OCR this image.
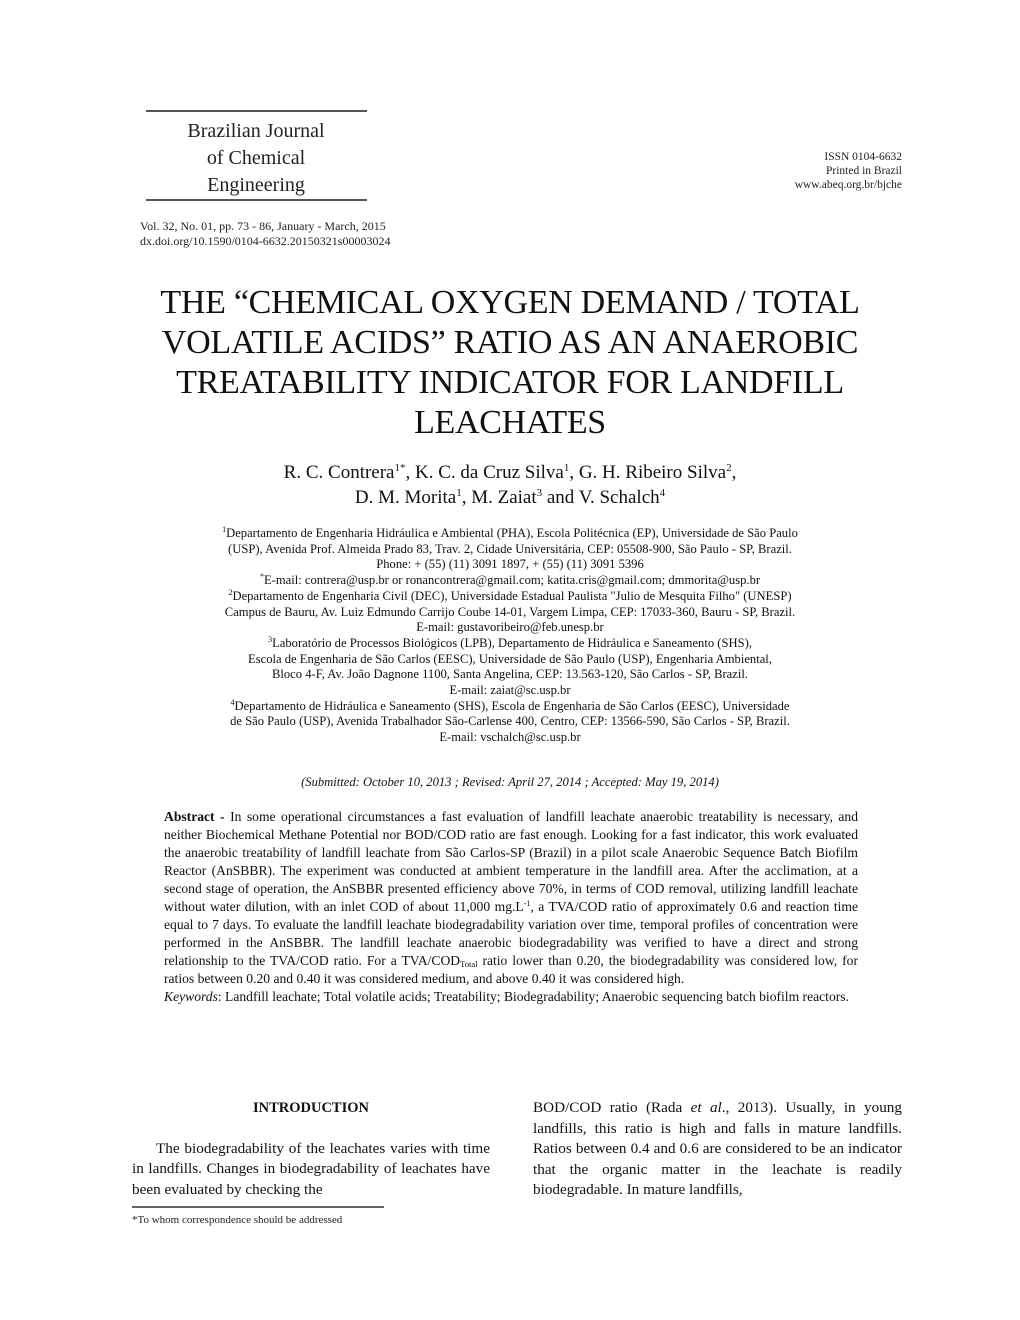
Brazilian Journal
of Chemical
Engineering
ISSN 0104-6632
Printed in Brazil
www.abeq.org.br/bjche
Vol. 32, No. 01, pp. 73 - 86, January - March, 2015
dx.doi.org/10.1590/0104-6632.20150321s00003024
THE “CHEMICAL OXYGEN DEMAND / TOTAL
VOLATILE ACIDS” RATIO AS AN ANAEROBIC
TREATABILITY INDICATOR FOR LANDFILL
LEACHATES
R. C. Contrera$^{1*}$, K. C. da Cruz Silva$^1$, G. H. Ribeiro Silva$^2$,
D. M. Morita$^1$, M. Zaiat$^3$ and V. Schalch$^4$
$^1$Departamento de Engenharia Hidráulica e Ambiental (PHA), Escola Politécnica (EP), Universidade de São Paulo
(USP), Avenida Prof. Almeida Prado 83, Trav. 2, Cidade Universitária, CEP: 05508-900, São Paulo - SP, Brazil.
Phone: + (55) (11) 3091 1897, + (55) (11) 3091 5396
*E-mail: contrera@usp.br or ronancontrera@gmail.com; katita.cris@gmail.com; dmmorita@usp.br
$^2$Departamento de Engenharia Civil (DEC), Universidade Estadual Paulista "Julio de Mesquita Filho" (UNESP)
Campus de Bauru, Av. Luiz Edmundo Carrijo Coube 14-01, Vargem Limpa, CEP: 17033-360, Bauru - SP, Brazil.
E-mail: gustavoribeiro@feb.unesp.br
$^3$Laboratório de Processos Biológicos (LPB), Departamento de Hidráulica e Saneamento (SHS),
Escola de Engenharia de São Carlos (EESC), Universidade de São Paulo (USP), Engenharia Ambiental,
Bloco 4-F, Av. João Dagnone 1100, Santa Angelina, CEP: 13.563-120, São Carlos - SP, Brazil.
E-mail: zaiat@sc.usp.br
$^4$Departamento de Hidráulica e Saneamento (SHS), Escola de Engenharia de São Carlos (EESC), Universidade
de São Paulo (USP), Avenida Trabalhador São-Carlense 400, Centro, CEP: 13566-590, São Carlos - SP, Brazil.
E-mail: vschalch@sc.usp.br
(Submitted: October 10, 2013 ; Revised: April 27, 2014 ; Accepted: May 19, 2014)
Abstract - In some operational circumstances a fast evaluation of landfill leachate anaerobic treatability is necessary, and neither Biochemical Methane Potential nor BOD/COD ratio are fast enough. Looking for a fast indicator, this work evaluated the anaerobic treatability of landfill leachate from São Carlos-SP (Brazil) in a pilot scale Anaerobic Sequence Batch Biofilm Reactor (AnSBBR). The experiment was conducted at ambient temperature in the landfill area. After the acclimation, at a second stage of operation, the AnSBBR presented efficiency above 70%, in terms of COD removal, utilizing landfill leachate without water dilution, with an inlet COD of about 11,000 $mg.L^{-1}$, a TVA/COD ratio of approximately 0.6 and reaction time equal to 7 days. To evaluate the landfill leachate biodegradability variation over time, temporal profiles of concentration were performed in the AnSBBR. The landfill leachate anaerobic biodegradability was verified to have a direct and strong relationship to the TVA/COD ratio. For a TVA/$COD_{Total}$ ratio lower than 0.20, the biodegradability was considered low, for ratios between 0.20 and 0.40 it was considered medium, and above 0.40 it was considered high.
Keywords: Landfill leachate; Total volatile acids; Treatability; Biodegradability; Anaerobic sequencing batch biofilm reactors.
INTRODUCTION
The biodegradability of the leachates varies with time in landfills. Changes in biodegradability of leachates have been evaluated by checking the
BOD/COD ratio (Rada et al., 2013). Usually, in young landfills, this ratio is high and falls in mature landfills. Ratios between 0.4 and 0.6 are considered to be an indicator that the organic matter in the leachate is readily biodegradable. In mature landfills,
*To whom correspondence should be addressed
